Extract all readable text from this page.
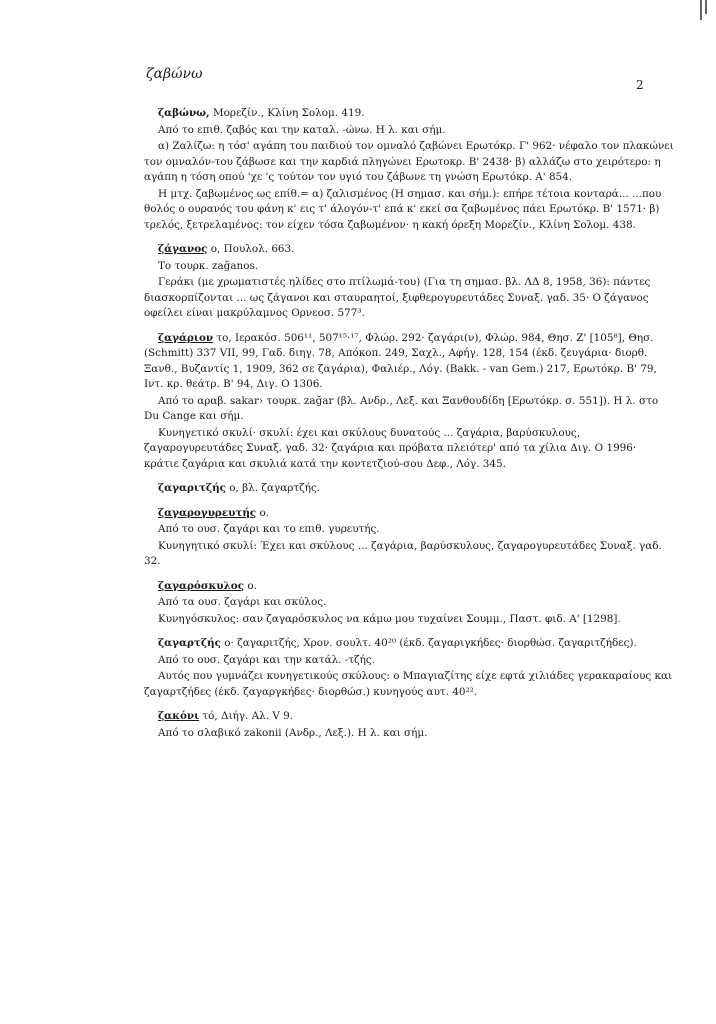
ζαβώνω
2

ζαβώνω, Μορεζίν., Κλίνη Σολομ. 419.

Από το επιθ. ζαβός και την καταλ. -ώνω. Η λ. και σήμ.

α) Ζαλίζω: η τόσ' αγάπη του παιδιού τον ομναλό ζαβώνει Ερωτόκρ. Γ' 962· νέφαλο τον πλακώνει τον ομναλόν-του ζάβωσε και την καρδιά πληγώνει Ερωτοκρ. Β' 2438· β) αλλάζω στο χειρότερο: η αγάπη η τόση οπού 'χε 'ς τούτον τον υγιό του ζάβωνε τη γνώση Ερωτόκρ. Α' 854.

Η μτχ. ζαβωμένος ως επίθ.= α) ζαλισμένος (Η σημασ. και σήμ.): επήρε τέτοια κονταρά... ...που θολός ο ουρανός του φάνη κ' εις τ' άλογόν-τ' επά κ' εκεί σα ζαβωμένος πάει Ερωτόκρ. Β' 1571· β) τρελός, ξετρελαμένος: τον είχεν τόσα ζαβωμένον· η κακή όρεξη Μορεζίν., Κλίνη Σολομ. 438.

ζάγανος ο, Πουλολ. 663.

Το τουρκ. zağanos.

Γεράκι (με χρωματιστές ηλίδες στο πτίλωμά-του) (Για τη σημασ. βλ. ΛΔ 8, 1958, 36): πάντες διασκορπίζονται ... ως ζάγανοι και σταυραητοί, ξιφθερογυρευτάδες Συναξ. γαδ. 35· Ο ζάγανος οφείλει είναι μακρύλαμνος Ορνεοσ. 577³.

ζαγάριον το, Ιερακόσ. 506¹¹, 507¹⁵·¹⁷, Φλώρ. 292· ζαγάρι(ν), Φλώρ. 984, Θησ. Ζ' [105⁸], Θησ. (Schmitt) 337 VII, 99, Γαδ. διηγ. 78, Απόκοπ. 249, Σαχλ., Αφήγ. 128, 154 (έκδ. ζευγάρια· διορθ. Ξανθ., Βυζαντίς 1, 1909, 362 σε ζαγάρια), Φαλιέρ., Λόγ. (Bakk. - van Gem.) 217, Ερωτόκρ. Β' 79, Ιντ. κρ. θεάτρ. Β' 94, Διγ. Ο 1306.

Από το αραβ. sakar› τουρκ. zağar (βλ. Ανδρ., Λεξ. και Ξανθουδίδη [Ερωτόκρ. σ. 551]). Η λ. στο Du Cange και σήμ.

Κυνηγετικό σκυλί· σκυλί: έχει και σκύλους δυνατούς ... ζαγάρια, βαρύσκυλους, ζαγαρογυρευτάδες Συναξ. γαδ. 32· ζαγάρια και πρόβατα πλειότερ' από τα χίλια Διγ. Ο 1996· κράτιε ζαγάρια και σκυλιά κατά την κοντετζιού-σου Δεφ., Λόγ. 345.

ζαγαριτζής ο, βλ. ζαγαρτζής.

ζαγαρογυρευτής ο.

Από το ουσ. ζαγάρι και το επιθ. γυρευτής.

Κυνηγητικό σκυλί: Έχει και σκύλους ... ζαγάρια, βαρύσκυλους, ζαγαρογυρευτάδες Συναξ. γαδ. 32.

ζαγαρόσκυλος ο.

Από τα ουσ. ζαγάρι και σκύλος.

Κυνηγόσκυλος: σαν ζαγαρόσκυλος να κάμω μου τυχαίνει Σουμμ., Παστ. φιδ. Α' [1298].

ζαγαρτζής ο· ζαγαριτζής, Χρον. σουλτ. 40²⁰ (έκδ. ζαγαριγκήδες· διορθώσ. ζαγαριτζήδες).

Από το ουσ. ζαγάρι και την κατάλ. -τζής.

Αυτός που γυμνάζει κυνηγετικούς σκύλους: ο Μπαγιαζίτης είχε εφτά χιλιάδες γερακαραίους και ζαγαρτζήδες (έκδ. ζαγαργκήδες· διορθώσ.) κυνηγούς αυτ. 40²².

ζακόνι τό, Διήγ. Αλ. V 9.

Από το σλαβικό zakonii (Ανδρ., Λεξ.). Η λ. και σήμ.
